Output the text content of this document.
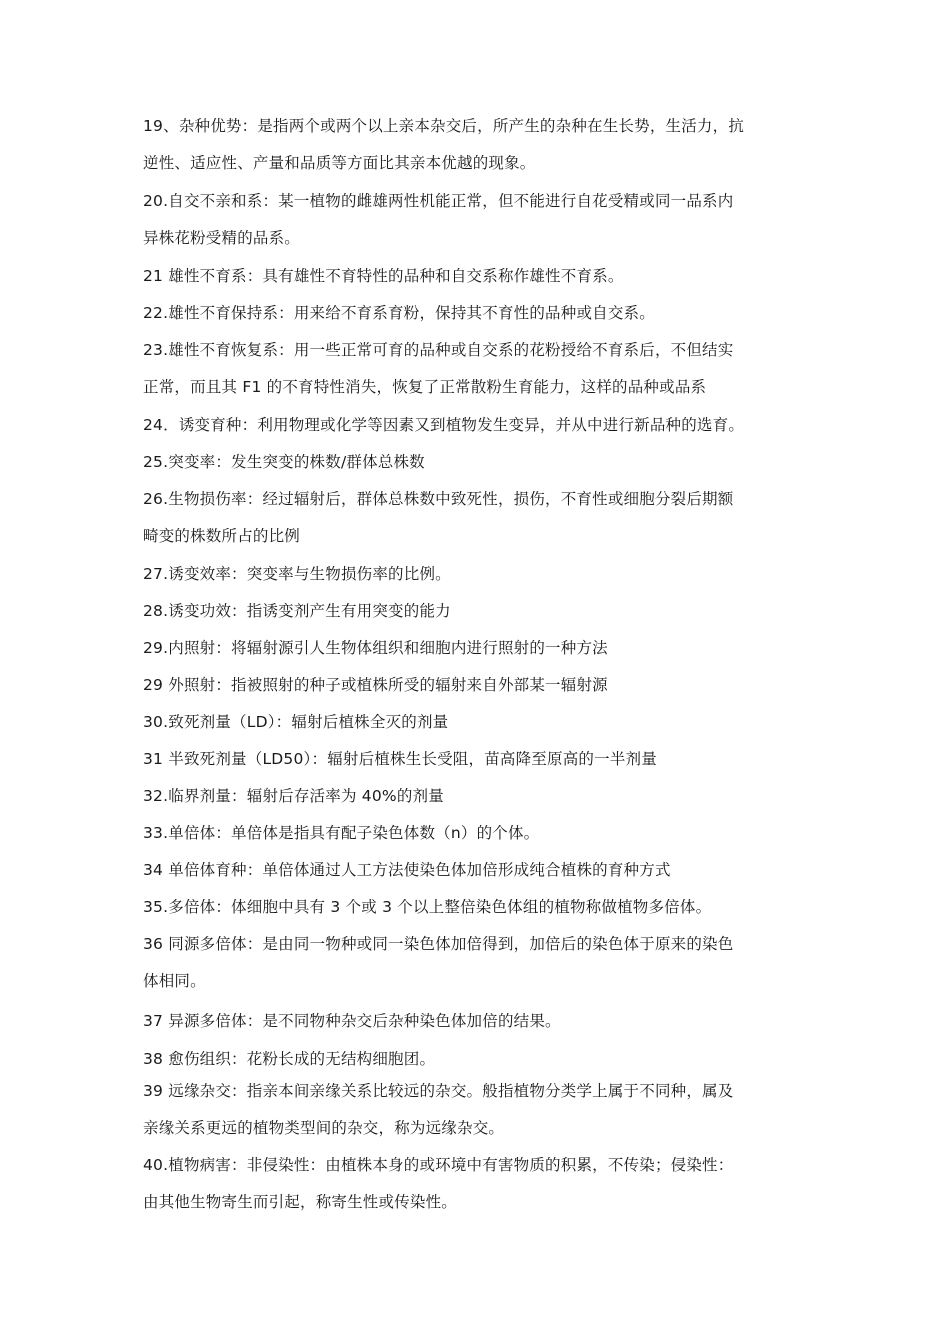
19、杂种优势：是指两个或两个以上亲本杂交后，所产生的杂种在生长势，生活力，抗
逆性、适应性、产量和品质等方面比其亲本优越的现象。
20.自交不亲和系：某一植物的雌雄两性机能正常，但不能进行自花受精或同一品系内
异株花粉受精的品系。
21 雄性不育系：具有雄性不育特性的品种和自交系称作雄性不育系。
22.雄性不育保持系：用来给不育系育粉，保持其不育性的品种或自交系。
23.雄性不育恢复系：用一些正常可育的品种或自交系的花粉授给不育系后，不但结实
正常，而且其 F1 的不育特性消失，恢复了正常散粉生育能力，这样的品种或品系
24．诱变育种：利用物理或化学等因素又到植物发生变异，并从中进行新品种的选育。
25.突变率：发生突变的株数/群体总株数
26.生物损伤率：经过辐射后，群体总株数中致死性，损伤，不育性或细胞分裂后期额
畸变的株数所占的比例
27.诱变效率：突变率与生物损伤率的比例。
28.诱变功效：指诱变剂产生有用突变的能力
29.内照射：将辐射源引人生物体组织和细胞内进行照射的一种方法
29 外照射：指被照射的种子或植株所受的辐射来自外部某一辐射源
30.致死剂量（LD）：辐射后植株全灭的剂量
31 半致死剂量（LD50）：辐射后植株生长受阻，苗高降至原高的一半剂量
32.临界剂量：辐射后存活率为 40%的剂量
33.单倍体：单倍体是指具有配子染色体数（n）的个体。
34 单倍体育种：单倍体通过人工方法使染色体加倍形成纯合植株的育种方式
35.多倍体：体细胞中具有 3 个或 3 个以上整倍染色体组的植物称做植物多倍体。
36 同源多倍体：是由同一物种或同一染色体加倍得到，加倍后的染色体于原来的染色
体相同。
37 异源多倍体：是不同物种杂交后杂种染色体加倍的结果。
38 愈伤组织：花粉长成的无结构细胞团。
39 远缘杂交：指亲本间亲缘关系比较远的杂交。般指植物分类学上属于不同种，属及
亲缘关系更远的植物类型间的杂交，称为远缘杂交。
40.植物病害：非侵染性：由植株本身的或环境中有害物质的积累，不传染；侵染性：
由其他生物寄生而引起，称寄生性或传染性。
